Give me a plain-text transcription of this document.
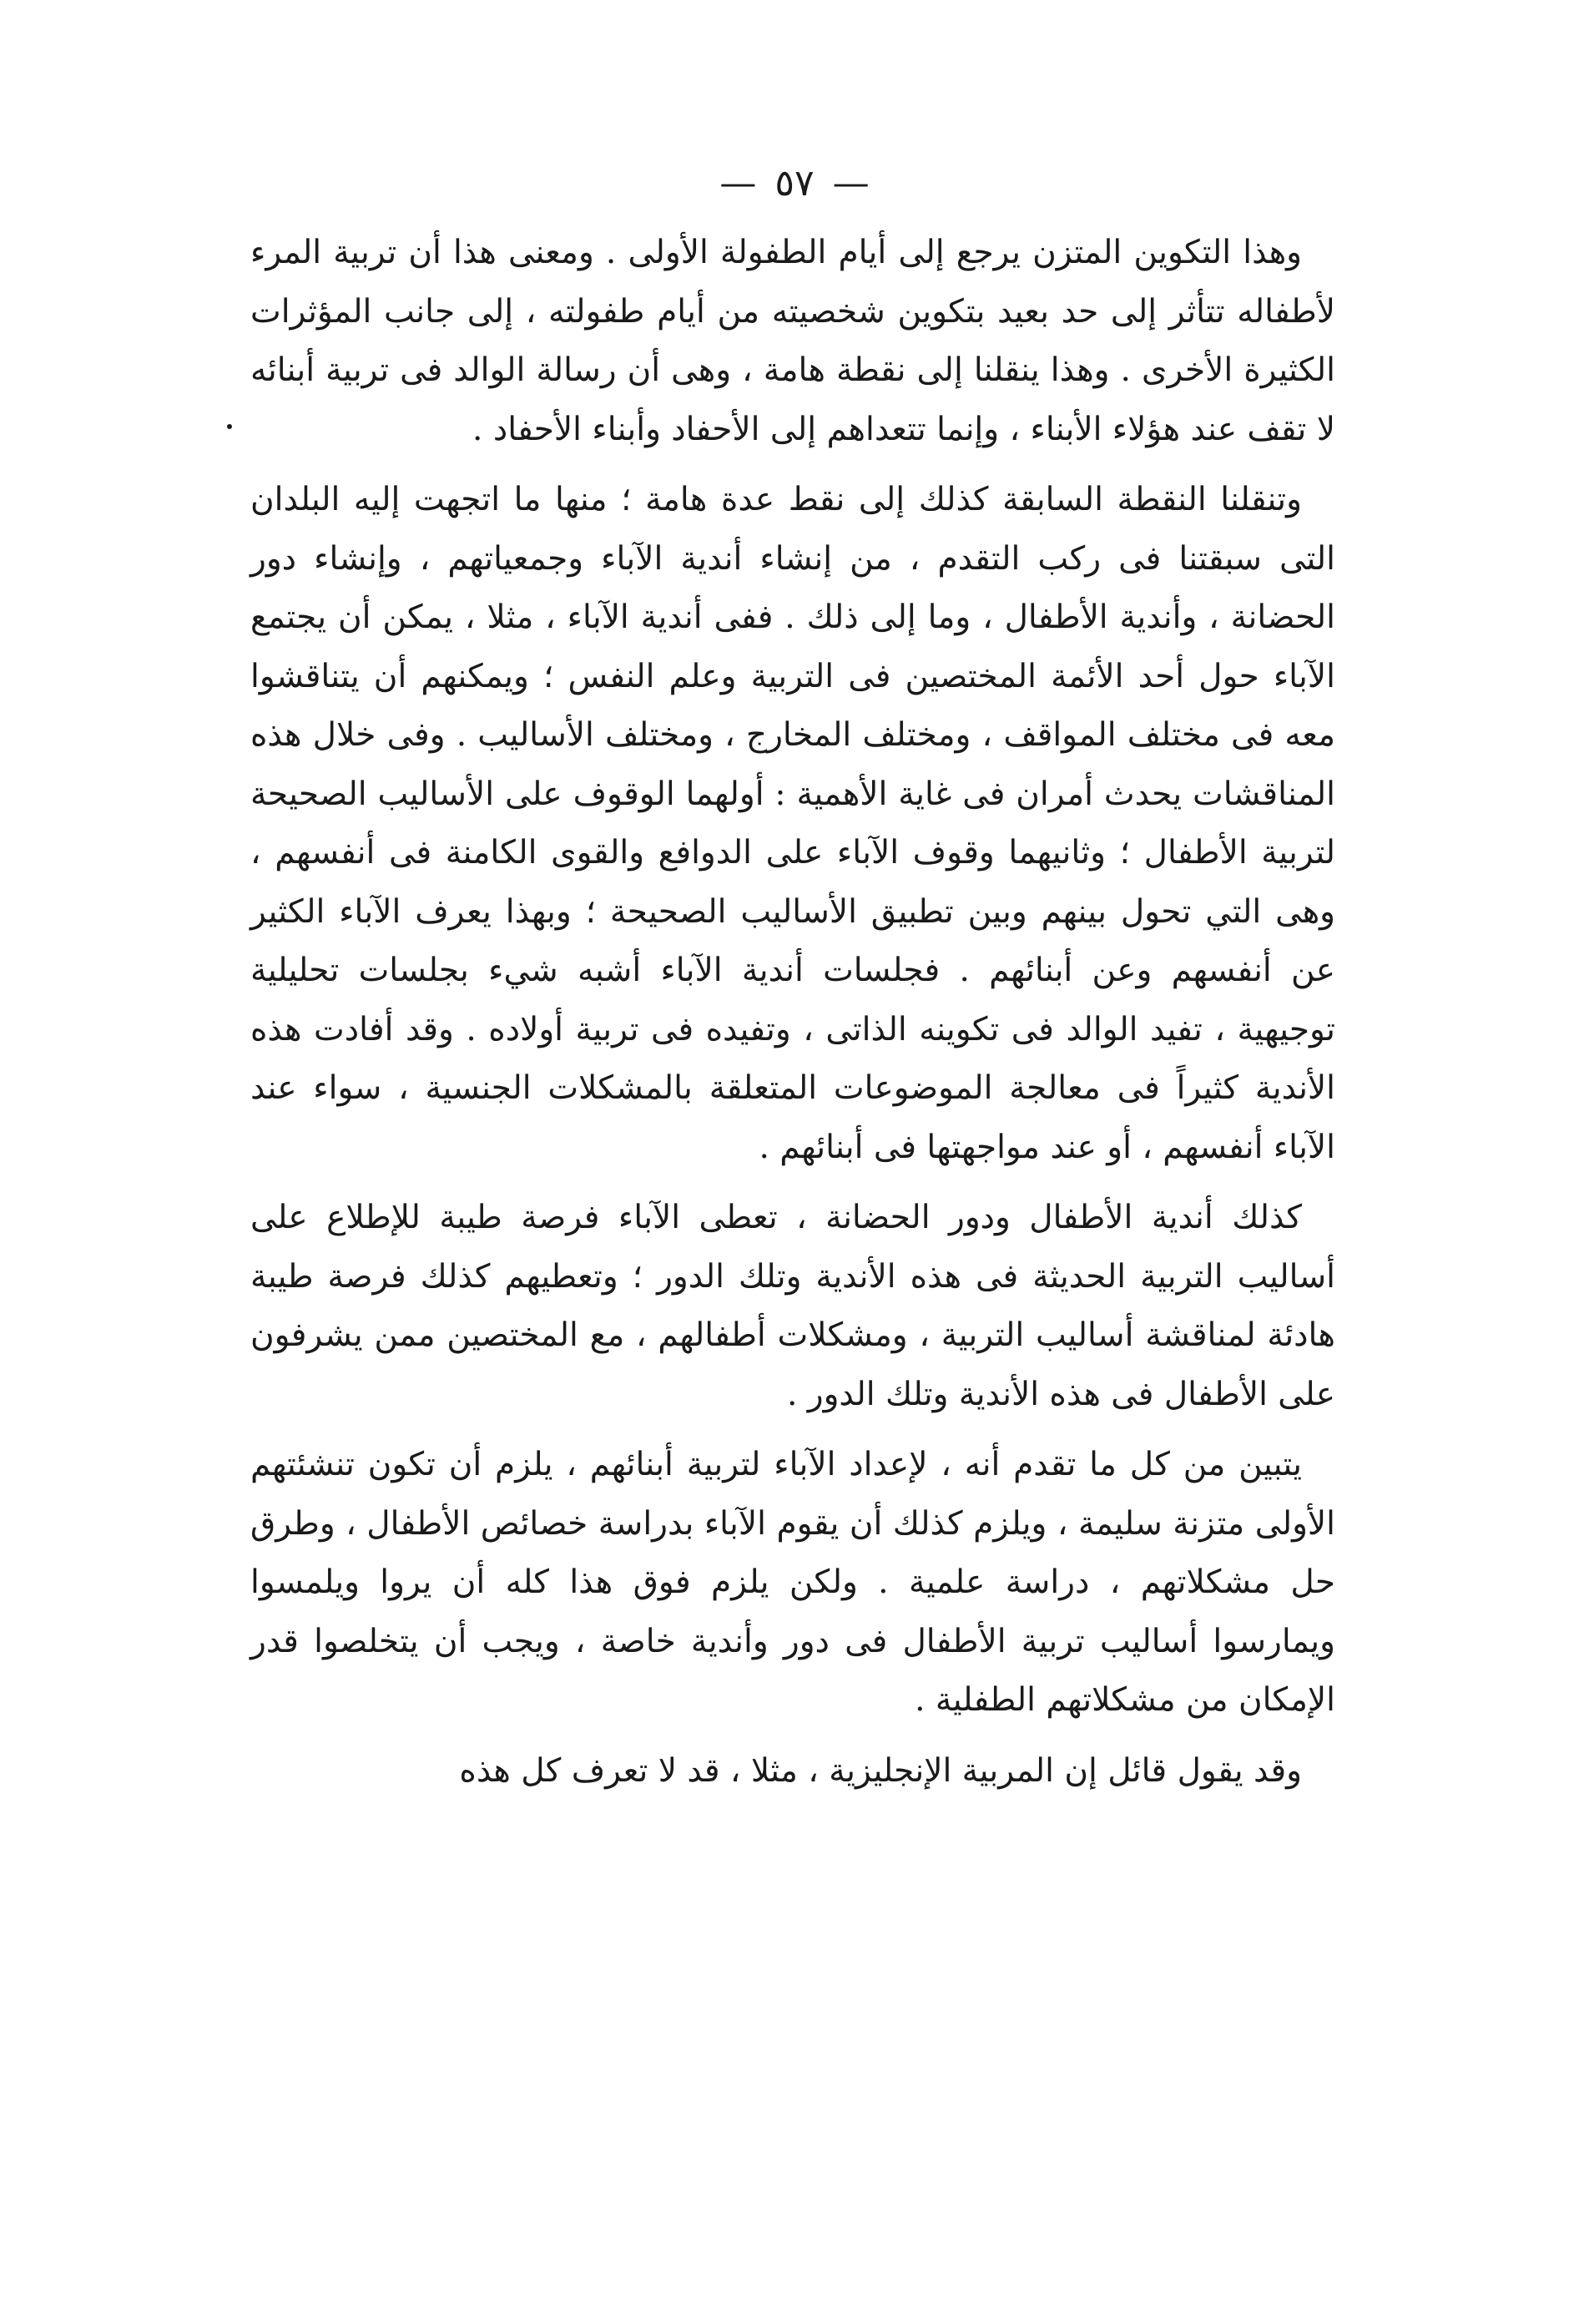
— ٥٧ —

وهذا التكوين المتزن يرجع إلى أيام الطفولة الأولى . ومعنى هذا أن تربية المرء لأطفاله تتأثر إلى حد بعيد بتكوين شخصيته من أيام طفولته ، إلى جانب المؤثرات الكثيرة الأخرى . وهذا ينقلنا إلى نقطة هامة ، وهى أن رسالة الوالد فى تربية أبنائه لا تقف عند هؤلاء الأبناء ، وإنما تتعداهم إلى الأحفاد وأبناء الأحفاد .

وتنقلنا النقطة السابقة كذلك إلى نقط عدة هامة ؛ منها ما اتجهت إليه البلدان التى سبقتنا فى ركب التقدم ، من إنشاء أندية الآباء وجمعياتهم ، وإنشاء دور الحضانة ، وأندية الأطفال ، وما إلى ذلك . ففى أندية الآباء ، مثلا ، يمكن أن يجتمع الآباء حول أحد الأئمة المختصين فى التربية وعلم النفس ؛ ويمكنهم أن يتناقشوا معه فى مختلف المواقف ، ومختلف المخارج ، ومختلف الأساليب . وفى خلال هذه المناقشات يحدث أمران فى غاية الأهمية : أولهما الوقوف على الأساليب الصحيحة لتربية الأطفال ؛ وثانيهما وقوف الآباء على الدوافع والقوى الكامنة فى أنفسهم ، وهى التي تحول بينهم وبين تطبيق الأساليب الصحيحة ؛ وبهذا يعرف الآباء الكثير عن أنفسهم وعن أبنائهم . فجلسات أندية الآباء أشبه شيء بجلسات تحليلية توجيهية ، تفيد الوالد فى تكوينه الذاتى ، وتفيده فى تربية أولاده . وقد أفادت هذه الأندية كثيراً فى معالجة الموضوعات المتعلقة بالمشكلات الجنسية ، سواء عند الآباء أنفسهم ، أو عند مواجهتها فى أبنائهم .

كذلك أندية الأطفال ودور الحضانة ، تعطى الآباء فرصة طيبة للإطلاع على أساليب التربية الحديثة فى هذه الأندية وتلك الدور ؛ وتعطيهم كذلك فرصة طيبة هادئة لمناقشة أساليب التربية ، ومشكلات أطفالهم ، مع المختصين ممن يشرفون على الأطفال فى هذه الأندية وتلك الدور .

يتبين من كل ما تقدم أنه ، لإعداد الآباء لتربية أبنائهم ، يلزم أن تكون تنشئتهم الأولى متزنة سليمة ، ويلزم كذلك أن يقوم الآباء بدراسة خصائص الأطفال ، وطرق حل مشكلاتهم ، دراسة علمية . ولكن يلزم فوق هذا كله أن يروا ويلمسوا ويمارسوا أساليب تربية الأطفال فى دور وأندية خاصة ، ويجب أن يتخلصوا قدر الإمكان من مشكلاتهم الطفلية .

وقد يقول قائل إن المربية الإنجليزية ، مثلا ، قد لا تعرف كل هذه
